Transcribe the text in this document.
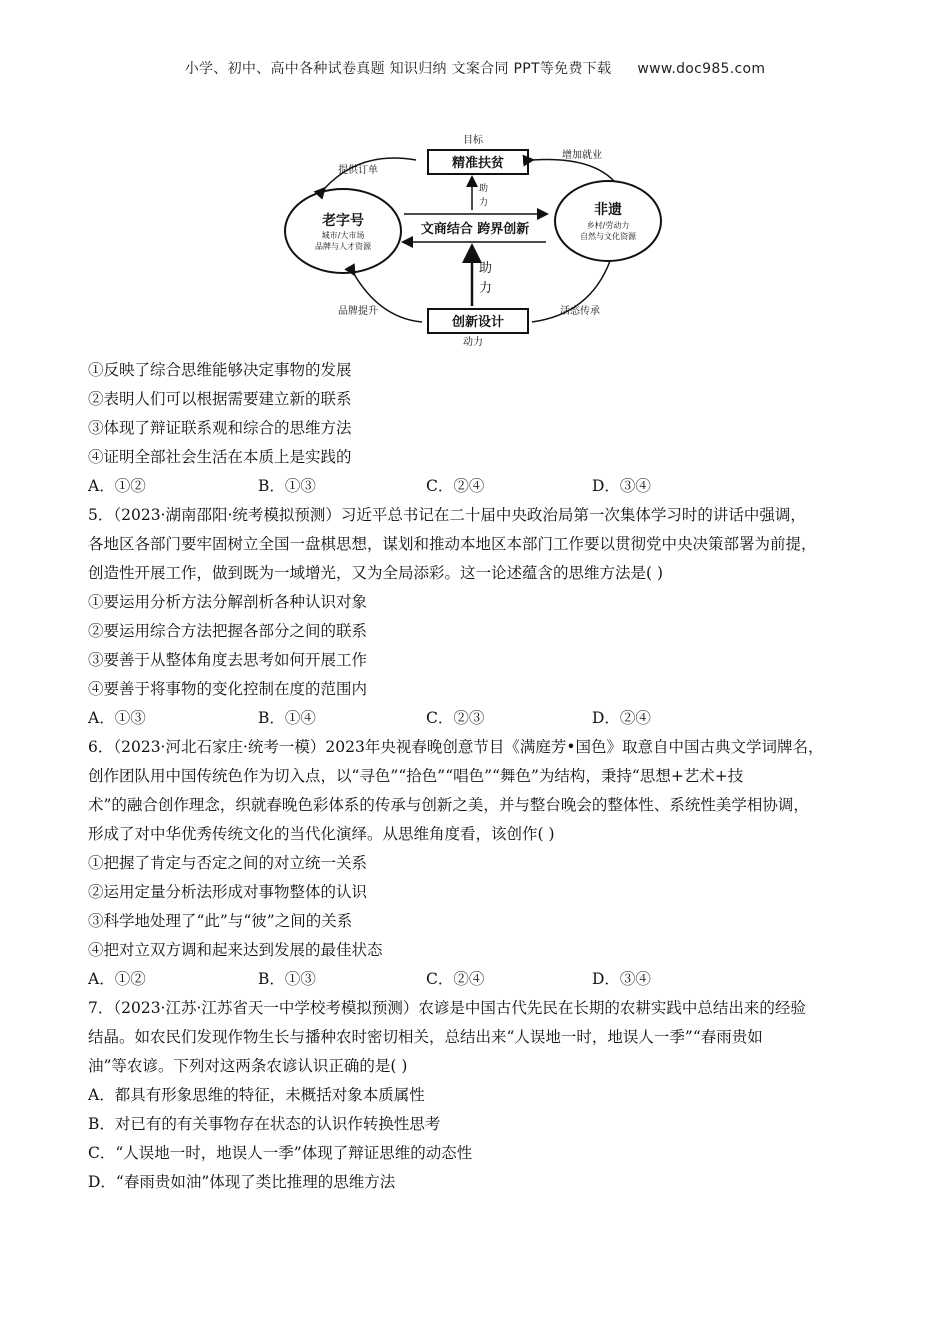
小学、初中、高中各种试卷真题 知识归纳 文案合同 PPT等免费下载 www.doc985.com
目标
精准扶贫
老字号
城市/大市场
品牌与人才资源
非遗
乡村/劳动力
自然与文化资源
文商结合 跨界创新
助
力
助
力
创新设计
动力
提供订单
增加就业
品牌提升	活态传承
①反映了综合思维能够决定事物的发展
②表明人们可以根据需要建立新的联系
③体现了辩证联系观和综合的思维方法
④证明全部社会生活在本质上是实践的
A．①②	B．①③	C．②④	D．③④
5．（2023·湖南邵阳·统考模拟预测）习近平总书记在二十届中央政治局第一次集体学习时的讲话中强调，
各地区各部门要牢固树立全国一盘棋思想，谋划和推动本地区本部门工作要以贯彻党中央决策部署为前提，
创造性开展工作，做到既为一域增光，又为全局添彩。这一论述蕴含的思维方法是( )
①要运用分析方法分解剖析各种认识对象
②要运用综合方法把握各部分之间的联系
③要善于从整体角度去思考如何开展工作
④要善于将事物的变化控制在度的范围内
A．①③	B．①④	C．②③	D．②④
6．（2023·河北石家庄·统考一模）2023年央视春晚创意节目《满庭芳•国色》取意自中国古典文学词牌名，
创作团队用中国传统色作为切入点，以“寻色”“拾色”“唱色”“舞色”为结构，秉持“思想+艺术+技
术”的融合创作理念，织就春晚色彩体系的传承与创新之美，并与整台晚会的整体性、系统性美学相协调，
形成了对中华优秀传统文化的当代化演绎。从思维角度看，该创作( )
①把握了肯定与否定之间的对立统一关系
②运用定量分析法形成对事物整体的认识
③科学地处理了“此”与“彼”之间的关系
④把对立双方调和起来达到发展的最佳状态
A．①②	B．①③	C．②④	D．③④
7．（2023·江苏·江苏省天一中学校考模拟预测）农谚是中国古代先民在长期的农耕实践中总结出来的经验
结晶。如农民们发现作物生长与播种农时密切相关，总结出来“人误地一时，地误人一季”“春雨贵如
油”等农谚。下列对这两条农谚认识正确的是( )
A．都具有形象思维的特征，未概括对象本质属性
B．对已有的有关事物存在状态的认识作转换性思考
C．“人误地一时，地误人一季”体现了辩证思维的动态性
D．“春雨贵如油”体现了类比推理的思维方法
